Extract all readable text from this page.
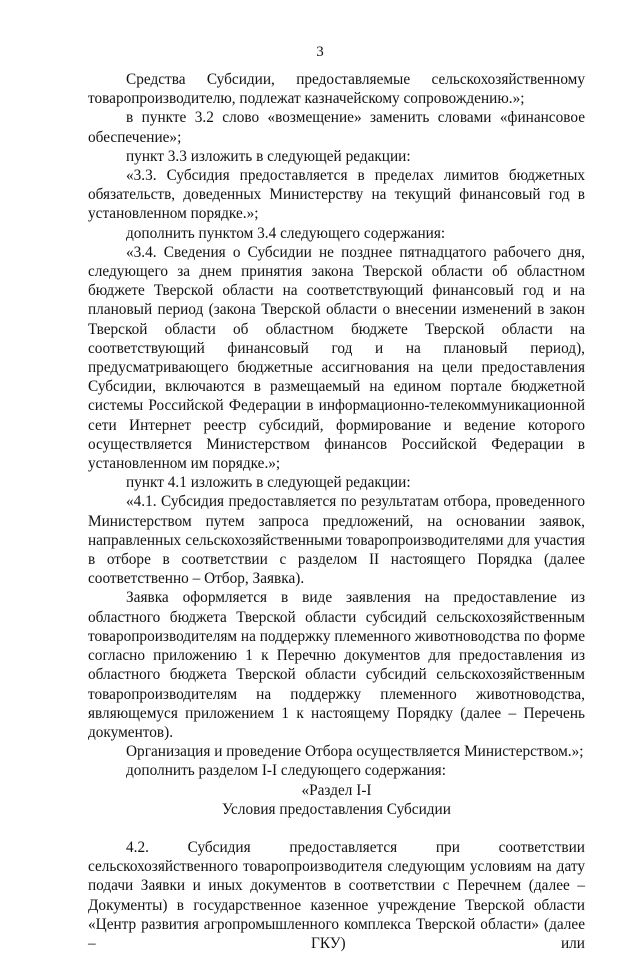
3

Средства Субсидии, предоставляемые сельскохозяйственному товаропроизводителю, подлежат казначейскому сопровождению.»;

в пункте 3.2 слово «возмещение» заменить словами «финансовое обеспечение»;

пункт 3.3 изложить в следующей редакции:

«3.3. Субсидия предоставляется в пределах лимитов бюджетных обязательств, доведенных Министерству на текущий финансовый год в установленном порядке.»;

дополнить пунктом 3.4 следующего содержания:

«3.4. Сведения о Субсидии не позднее пятнадцатого рабочего дня, следующего за днем принятия закона Тверской области об областном бюджете Тверской области на соответствующий финансовый год и на плановый период (закона Тверской области о внесении изменений в закон Тверской области об областном бюджете Тверской области на соответствующий финансовый год и на плановый период), предусматривающего бюджетные ассигнования на цели предоставления Субсидии, включаются в размещаемый на едином портале бюджетной системы Российской Федерации в информационно-телекоммуникационной сети Интернет реестр субсидий, формирование и ведение которого осуществляется Министерством финансов Российской Федерации в установленном им порядке.»;

пункт 4.1 изложить в следующей редакции:

«4.1. Субсидия предоставляется по результатам отбора, проведенного Министерством путем запроса предложений, на основании заявок, направленных сельскохозяйственными товаропроизводителями для участия в отборе в соответствии с разделом II настоящего Порядка (далее соответственно – Отбор, Заявка).

Заявка оформляется в виде заявления на предоставление из областного бюджета Тверской области субсидий сельскохозяйственным товаропроизводителям на поддержку племенного животноводства по форме согласно приложению 1 к Перечню документов для предоставления из областного бюджета Тверской области субсидий сельскохозяйственным товаропроизводителям на поддержку племенного животноводства, являющемуся приложением 1 к настоящему Порядку (далее – Перечень документов).

Организация и проведение Отбора осуществляется Министерством.»;

дополнить разделом I-I следующего содержания:

«Раздел I-I

Условия предоставления Субсидии

4.2. Субсидия предоставляется при соответствии сельскохозяйственного товаропроизводителя следующим условиям на дату подачи Заявки и иных документов в соответствии с Перечнем (далее – Документы) в государственное казенное учреждение Тверской области «Центр развития агропромышленного комплекса Тверской области» (далее – ГКУ) или
